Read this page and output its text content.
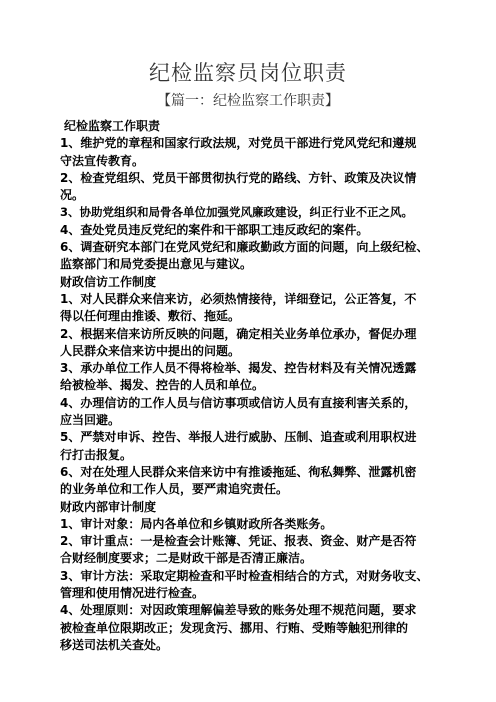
纪检监察员岗位职责
【篇一：纪检监察工作职责】
纪检监察工作职责
1、维护党的章程和国家行政法规，对党员干部进行党风党纪和遵规
守法宣传教育。
2、检查党组织、党员干部贯彻执行党的路线、方针、政策及决议情
况。
3、协助党组织和局骨各单位加强党风廉政建设，纠正行业不正之风。
4、查处党员违反党纪的案件和干部职工违反政纪的案件。
6、调查研究本部门在党风党纪和廉政勤政方面的问题，向上级纪检、
监察部门和局党委提出意见与建议。
财政信访工作制度
1、对人民群众来信来访，必须热情接待，详细登记，公正答复，不
得以任何理由推诿、敷衍、拖延。
2、根据来信来访所反映的问题，确定相关业务单位承办，督促办理
人民群众来信来访中提出的问题。
3、承办单位工作人员不得将检举、揭发、控告材料及有关情况透露
给被检举、揭发、控告的人员和单位。
4、办理信访的工作人员与信访事项或信访人员有直接利害关系的，
应当回避。
5、严禁对申诉、控告、举报人进行威胁、压制、追查或利用职权进
行打击报复。
6、对在处理人民群众来信来访中有推诿拖延、徇私舞弊、泄露机密
的业务单位和工作人员，要严肃追究责任。
财政内部审计制度
1、审计对象：局内各单位和乡镇财政所各类账务。
2、审计重点：一是检查会计账簿、凭证、报表、资金、财产是否符
合财经制度要求；二是财政干部是否清正廉洁。
3、审计方法：采取定期检查和平时检查相结合的方式，对财务收支、
管理和使用情况进行检查。
4、处理原则：对因政策理解偏差导致的账务处理不规范问题，要求
被检查单位限期改正；发现贪污、挪用、行贿、受贿等触犯刑律的
移送司法机关查处。
